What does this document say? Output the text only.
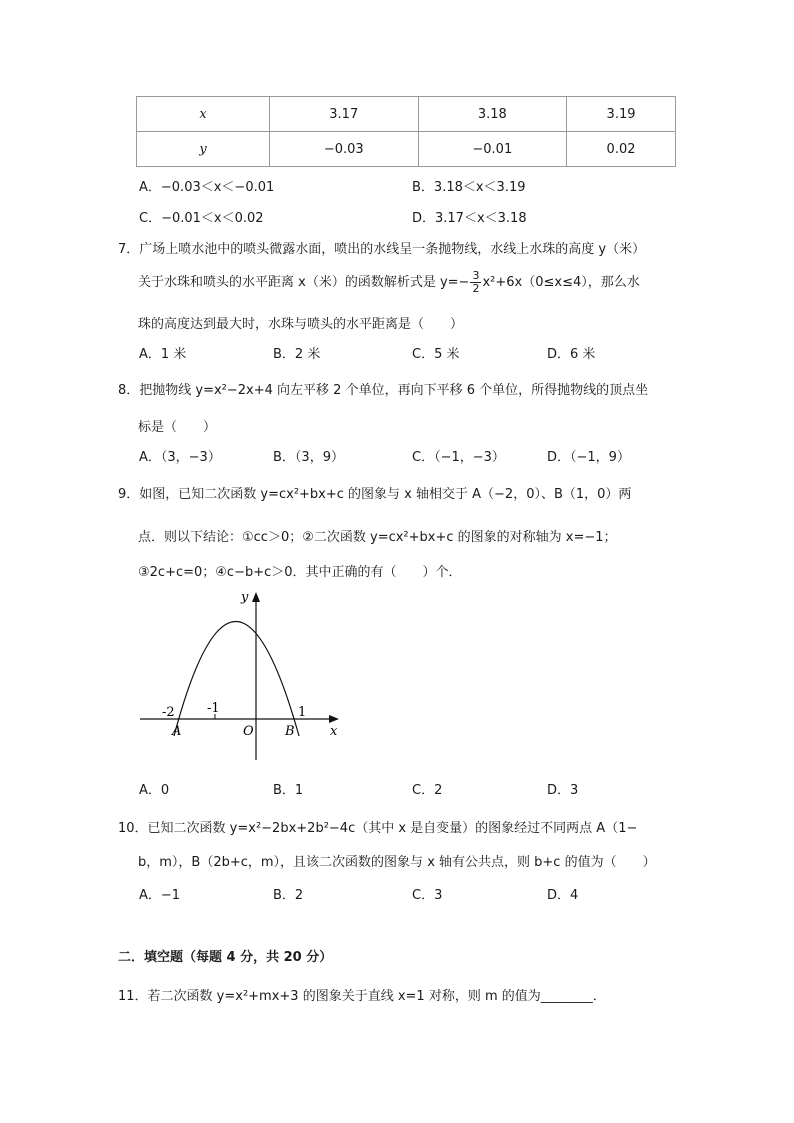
x	3.17	3.18	3.19
y	−0.03	−0.01	0.02
A．−0.03＜x＜−0.01	B．3.18＜x＜3.19
C．−0.01＜x＜0.02	D．3.17＜x＜3.18
7．广场上喷水池中的喷头微露水面，喷出的水线呈一条抛物线，水线上水珠的高度 y（米）
关于水珠和喷头的水平距离 x（米）的函数解析式是 $y=- \frac{3}{2} x^2+6x(0\le x\le 4)$，那么水
珠的高度达到最大时，水珠与喷头的水平距离是（　　）
A．1 米	B．2 米	C．5 米	D．6 米
8．把抛物线 y=x²−2x+4 向左平移 2 个单位，再向下平移 6 个单位，所得抛物线的顶点坐
标是（　　）
A．（3，−3）	B．（3，9）	C．（−1，−3）	D．（−1，9）
9．如图，已知二次函数 y=cx²+bx+c 的图象与 x 轴相交于 A（−2，0）、B（1，0）两
点．则以下结论：①cc＞0；②二次函数 y=cx²+bx+c 的图象的对称轴为 x=−1；
③2c+c=0；④c−b+c＞0．其中正确的有（　　）个．
y
x
-2 -1	1
A	O B
A．0	B．1	C．2	D．3
10．已知二次函数 y=x²−2bx+2b²−4c（其中 x 是自变量）的图象经过不同两点 A（1−
b，m），B（2b+c，m），且该二次函数的图象与 x 轴有公共点，则 b+c 的值为（　　）
A．−1	B．2	C．3	D．4
二．填空题（每题 4 分，共 20 分）
11．若二次函数 y=x²+mx+3 的图象关于直线 x=1 对称，则 m 的值为________．
